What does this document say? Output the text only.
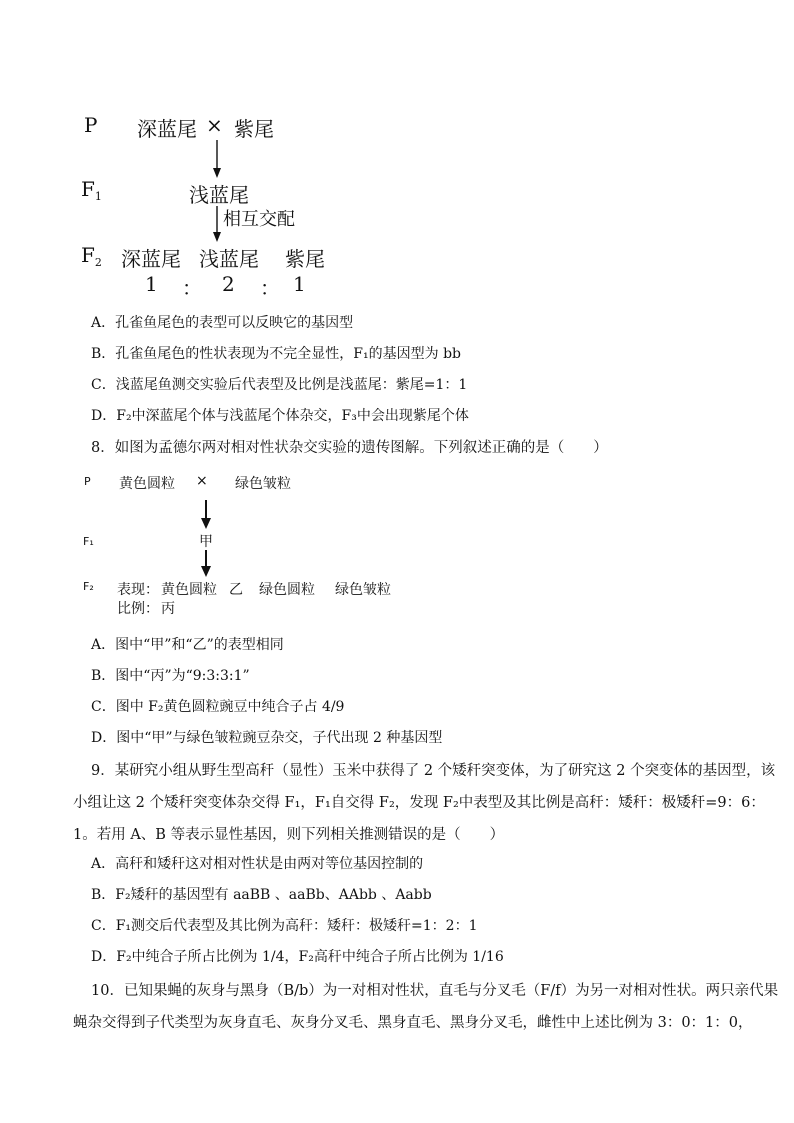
P 深蓝尾 × 紫尾
$F_1$	浅蓝尾
相互交配
$F_2$ 深蓝尾 浅蓝尾 紫尾
1 ： 2 ： 1
A．孔雀鱼尾色的表型可以反映它的基因型
B．孔雀鱼尾色的性状表现为不完全显性，F₁的基因型为 bb
C．浅蓝尾鱼测交实验后代表型及比例是浅蓝尾：紫尾=1：1
D．F₂中深蓝尾个体与浅蓝尾个体杂交，F₃中会出现紫尾个体
8．如图为孟德尔两对相对性状杂交实验的遗传图解。下列叙述正确的是（　　）
P 黄色圆粒 × 绿色皱粒
F₁	甲
F₂ 表现： 黄色圆粒 乙 绿色圆粒 绿色皱粒
比例： 丙
A．图中“甲”和“乙”的表型相同
B．图中“丙”为“9:3:3:1”
C．图中 F₂黄色圆粒豌豆中纯合子占 4/9
D．图中“甲”与绿色皱粒豌豆杂交，子代出现 2 种基因型
9．某研究小组从野生型高秆（显性）玉米中获得了 2 个矮秆突变体，为了研究这 2 个突变体的基因型，该
小组让这 2 个矮秆突变体杂交得 F₁，F₁自交得 F₂，发现 F₂中表型及其比例是高秆：矮秆：极矮秆=9：6：
1。若用 A、B 等表示显性基因，则下列相关推测错误的是（　　）
A．高秆和矮秆这对相对性状是由两对等位基因控制的
B．F₂矮秆的基因型有 aaBB 、aaBb、AAbb 、Aabb
C．F₁测交后代表型及其比例为高秆：矮秆：极矮秆=1：2：1
D．F₂中纯合子所占比例为 1/4，F₂高秆中纯合子所占比例为 1/16
10．已知果蝇的灰身与黑身（B/b）为一对相对性状，直毛与分叉毛（F/f）为另一对相对性状。两只亲代果
蝇杂交得到子代类型为灰身直毛、灰身分叉毛、黑身直毛、黑身分叉毛，雌性中上述比例为 3：0：1：0，
